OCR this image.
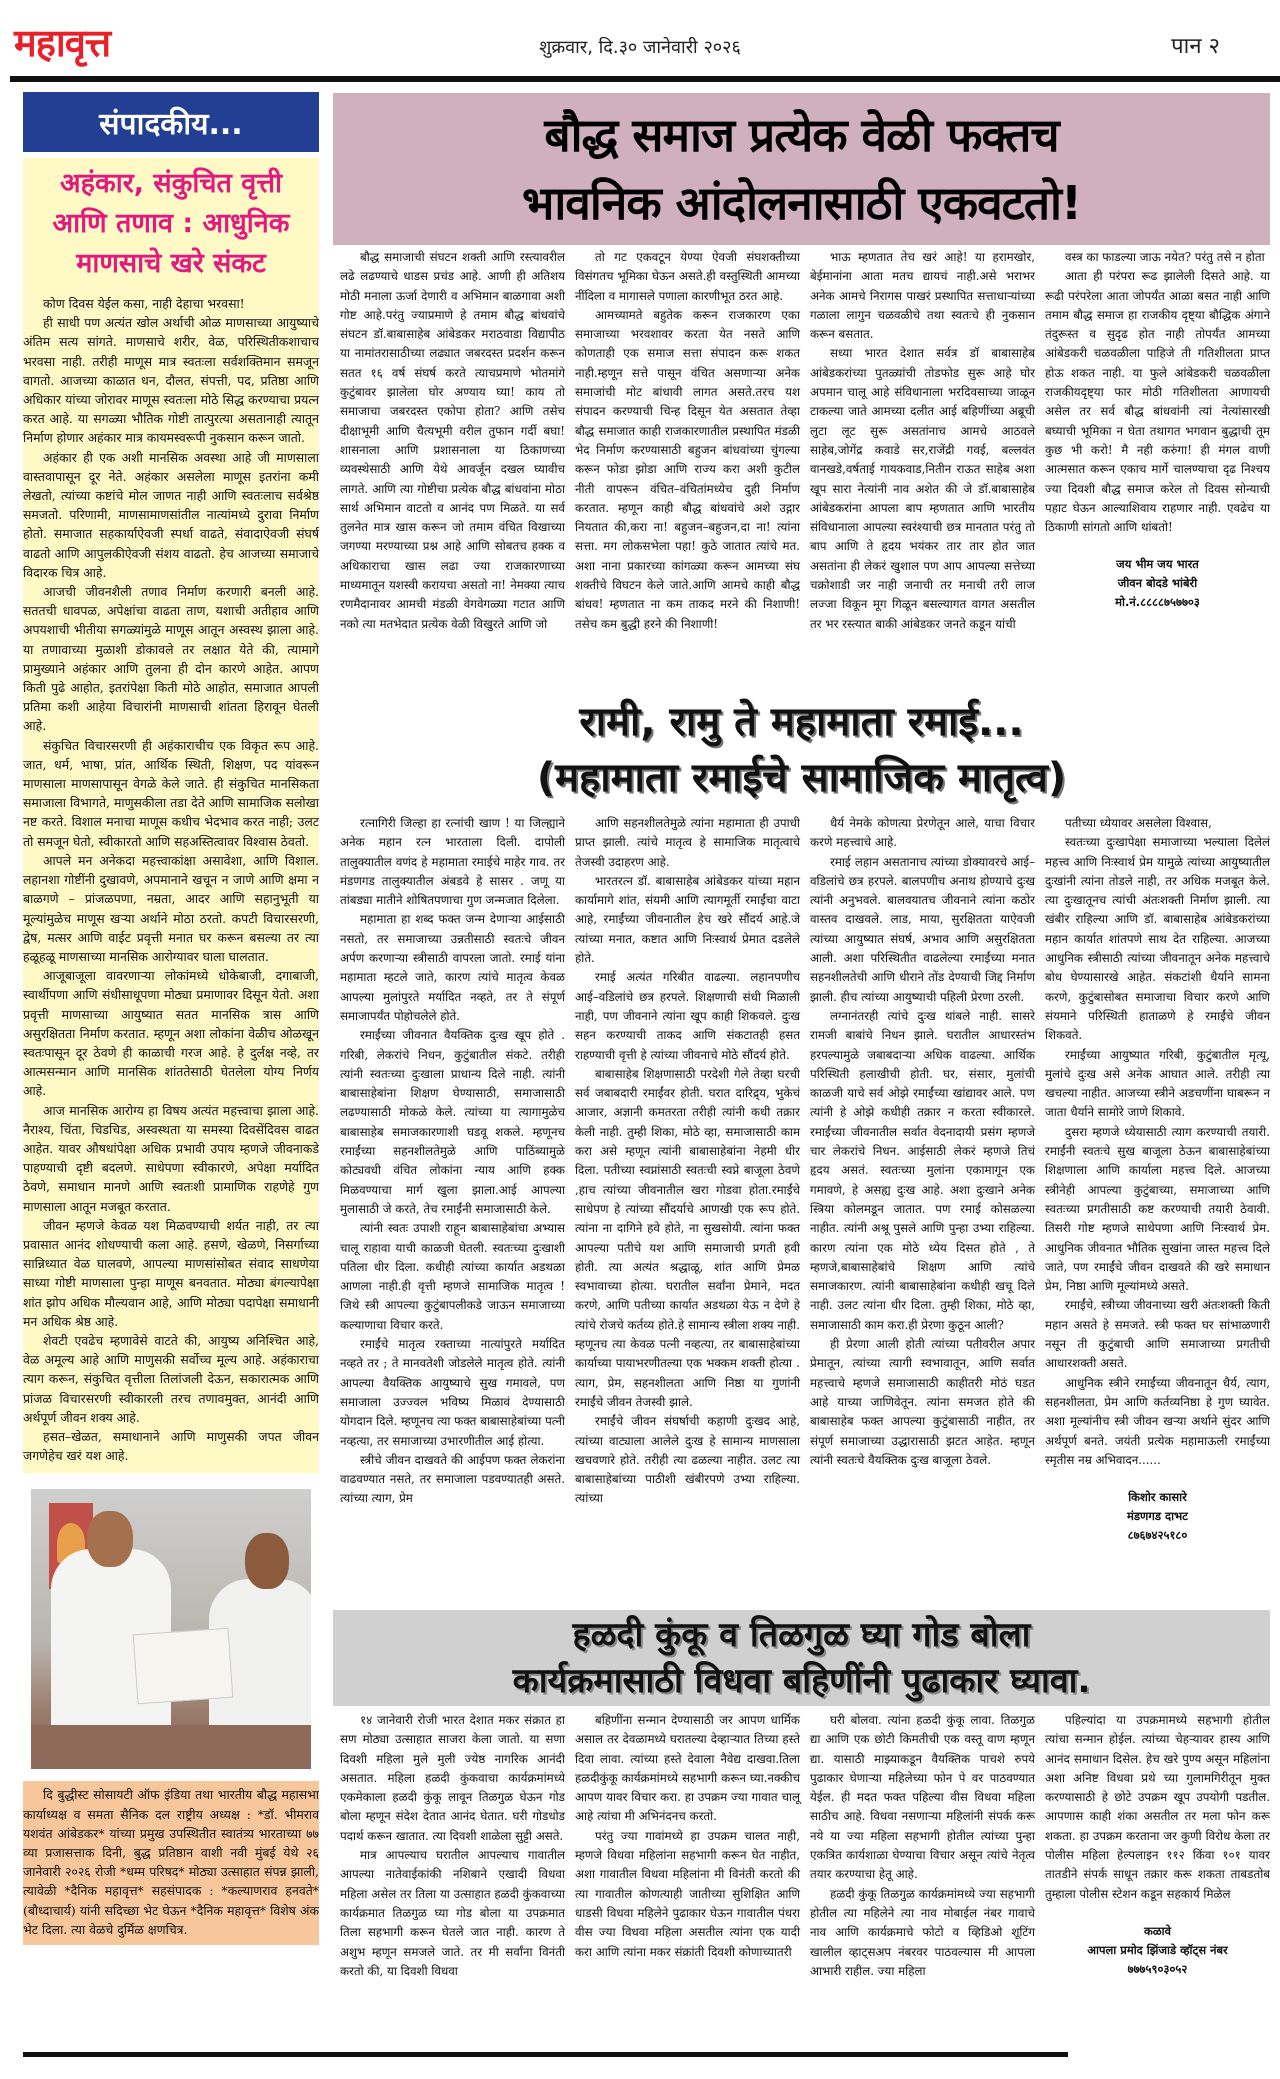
महावृत्त	शुक्रवार, दि.३० जानेवारी २०२६	पान २
संपादकीय...
अहंकार, संकुचित वृत्ती
आणि तणाव : आधुनिक
माणसाचे खरे संकट

कोण दिवस येईल कसा, नाही देहाचा भरवसा!

ही साधी पण अत्यंत खोल अर्थाची ओळ माणसाच्या आयुष्याचे अंतिम सत्य सांगते. माणसाचे शरीर, वेळ, परिस्थितीकशाचाच भरवसा नाही. तरीही माणूस मात्र स्वतःला सर्वशक्तिमान समजून वागतो. आजच्या काळात धन, दौलत, संपत्ती, पद, प्रतिष्ठा आणि अधिकार यांच्या जोरावर माणूस स्वतःला मोठे सिद्ध करण्याचा प्रयत्न करत आहे. या सगळ्या भौतिक गोष्टी तात्पुरत्या असतानाही त्यातून निर्माण होणार अहंकार मात्र कायमस्वरूपी नुकसान करून जातो.

अहंकार ही एक अशी मानसिक अवस्था आहे जी माणसाला वास्तवापासून दूर नेते. अहंकार असलेला माणूस इतरांना कमी लेखतो, त्यांच्या कष्टांचे मोल जाणत नाही आणि स्वतःलाच सर्वश्रेष्ठ समजतो. परिणामी, माणसामाणसांतील नात्यांमध्ये दुरावा निर्माण होतो. समाजात सहकार्याऐवजी स्पर्धा वाढते, संवादाऐवजी संघर्ष वाढतो आणि आपुलकीऐवजी संशय वाढतो. हेच आजच्या समाजाचे विदारक चित्र आहे.

आजची जीवनशैली तणाव निर्माण करणारी बनली आहे. सततची धावपळ, अपेक्षांचा वाढता ताण, यशाची अतीहाव आणि अपयशाची भीतीया सगळ्यांमुळे माणूस आतून अस्वस्थ झाला आहे. या तणावाच्या मुळाशी डोकावले तर लक्षात येते की, त्यामागे प्रामुख्याने अहंकार आणि तुलना ही दोन कारणे आहेत. आपण किती पुढे आहोत, इतरांपेक्षा किती मोठे आहोत, समाजात आपली प्रतिमा कशी आहेया विचारांनी माणसाची शांतता हिरावून घेतली आहे.

संकुचित विचारसरणी ही अहंकाराचीच एक विकृत रूप आहे. जात, धर्म, भाषा, प्रांत, आर्थिक स्थिती, शिक्षण, पद यांवरून माणसाला माणसापासून वेगळे केले जाते. ही संकुचित मानसिकता समाजाला विभागते, माणुसकीला तडा देते आणि सामाजिक सलोखा नष्ट करते. विशाल मनाचा माणूस कधीच भेदभाव करत नाही; उलट तो समजून घेतो, स्वीकारतो आणि सहअस्तित्वावर विश्वास ठेवतो.

आपले मन अनेकदा महत्त्वाकांक्षा असावेशा, आणि विशाल. लहानशा गोष्टींनी दुखावणे, अपमानाने खचून न जाणे आणि क्षमा न बाळगणे – प्रांजळपणा, नम्रता, आदर आणि सहानुभूती या मूल्यांमुळेच माणूस खऱ्या अर्थाने मोठा ठरतो. कपटी विचारसरणी, द्वेष, मत्सर आणि वाईट प्रवृत्ती मनात घर करून बसल्या तर त्या हळूहळू माणसाच्या मानसिक आरोग्यावर घाला घालतात.

आजूबाजूला वावरणाऱ्या लोकांमध्ये धोकेबाजी, दगाबाजी, स्वार्थीपणा आणि संधीसाधूपणा मोठ्या प्रमाणावर दिसून येतो. अशा प्रवृत्ती माणसाच्या आयुष्यात सतत मानसिक त्रास आणि असुरक्षितता निर्माण करतात. म्हणून अशा लोकांना वेळीच ओळखून स्वतःपासून दूर ठेवणे ही काळाची गरज आहे. हे दुर्लक्ष नव्हे, तर आत्मसन्मान आणि मानसिक शांततेसाठी घेतलेला योग्य निर्णय आहे.

आज मानसिक आरोग्य हा विषय अत्यंत महत्त्वाचा झाला आहे. नैराश्य, चिंता, चिडचिड, अस्वस्थता या समस्या दिवसेंदिवस वाढत आहेत. यावर औषधांपेक्षा अधिक प्रभावी उपाय म्हणजे जीवनाकडे पाहण्याची दृष्टी बदलणे. साधेपणा स्वीकारणे, अपेक्षा मर्यादित ठेवणे, समाधान मानणे आणि स्वतःशी प्रामाणिक राहणेहे गुण माणसाला आतून मजबूत करतात.

जीवन म्हणजे केवळ यश मिळवण्याची शर्यत नाही, तर त्या प्रवासात आनंद शोधण्याची कला आहे. हसणे, खेळणे, निसर्गाच्या सान्निध्यात वेळ घालवणे, आपल्या माणसांसोबत संवाद साधणेया साध्या गोष्टी माणसाला पुन्हा माणूस बनवतात. मोठ्या बंगल्यापेक्षा शांत झोप अधिक मौल्यवान आहे, आणि मोठ्या पदापेक्षा समाधानी मन अधिक श्रेष्ठ आहे.

शेवटी एवढेच म्हणावेसे वाटते की, आयुष्य अनिश्चित आहे, वेळ अमूल्य आहे आणि माणुसकी सर्वोच्च मूल्य आहे. अहंकाराचा त्याग करून, संकुचित वृत्तीला तिलांजली देऊन, सकारात्मक आणि प्रांजळ विचारसरणी स्वीकारली तरच तणावमुक्त, आनंदी आणि अर्थपूर्ण जीवन शक्य आहे.

हसत–खेळत, समाधानाने आणि माणुसकी जपत जीवन जगणेहेच खरं यश आहे.

दि बुद्धीस्ट सोसायटी ऑफ इंडिया तथा भारतीय बौद्ध महासभा कार्याध्यक्ष व समता सैनिक दल राष्ट्रीय अध्यक्ष : *डॉ. भीमराव यशवंत आंबेडकर* यांच्या प्रमुख उपस्थितीत स्वातंत्र्य भारताच्या ७७ व्या प्रजासत्ताक दिनी, बुद्ध प्रतिष्ठान वाशी नवी मुंबई येथे २६ जानेवारी २०२६ रोजी *धम्म परिषद* मोठ्या उत्साहात संपन्न झाली, त्यावेळी *दैनिक महावृत्त* सहसंपादक : *कल्याणराव हनवते* (बौध्दाचार्य) यांनी सदिच्छा भेट घेऊन *दैनिक महावृत्त* विशेष अंक भेट दिला. त्या वेळचे दुर्मिळ क्षणचित्र.

बौद्ध समाज प्रत्येक वेळी फक्तच
भावनिक आंदोलनासाठी एकवटतो!

बौद्ध समाजाची संघटन शक्ती आणि रस्त्यावरील लढे लढण्याचे धाडस प्रचंड आहे. आणी ही अतिशय मोठी मनाला ऊर्जा देणारी व अभिमान बाळगावा अशी गोष्ट आहे.परंतु ज्याप्रमाणे हे तमाम बौद्ध बांधवांचे संघटन डॉ.बाबासाहेब आंबेडकर मराठवाडा विद्यापीठ या नामांतरासाठीच्या लढ्यात जबरदस्त प्रदर्शन करून सतत १६ वर्ष संघर्ष करते त्याचप्रमाणे भोतमांगे कुटुंबावर झालेला घोर अण्याय घ्या! काय तो समाजाचा जबरदस्त एकोपा होता? आणि तसेच दीक्षाभूमी आणि चैत्यभूमी वरील तुफान गर्दी बघा! शासनाला आणि प्रशासनाला या ठिकाणच्या व्यवस्थेसाठी आणि येथे आवर्जून दखल घ्यावीच लागते. आणि त्या गोष्टीचा प्रत्येक बौद्ध बांधवांना मोठा सार्थ अभिमान वाटतो व आनंद पण मिळते. या सर्व तुलनेत मात्र खास करून जो तमाम वंचित विखाच्या जगण्या मरण्याच्या प्रश्न आहे आणि सोबतच हक्क व अधिकाराचा खास लढा ज्या राजकारणाच्या माध्यमातून यशस्वी करायचा असतो ना! नेमक्या त्याच रणमैदानावर आमची मंडळी वेगवेगळ्या गटात आणि नको त्या मतभेदात प्रत्येक वेळी विखुरते आणि जो

तो गट एकवटून येण्या ऐवजी संघशक्तीच्या विसंगतच भूमिका घेऊन असते.ही वस्तुस्थिती आमच्या नींदिला व मागासले पणाला कारणीभूत ठरत आहे.

आमच्यामते बहुतेक करून राजकारण एका समाजाच्या भरवशावर करता येत नसते आणि कोणताही एक समाज सत्ता संपादन करू शकत नाही.म्हणून सत्ते पासून वंचित असणाऱ्या अनेक समाजांची मोट बांधावी लागत असते.तरच यश संपादन करण्याची चिन्ह दिसून येत असतात तेव्हा बौद्ध समाजात काही राजकारणातील प्रस्थापित मंडळी भेद निर्माण करण्यासाठी बहुजन बांधवांच्या चुंगल्या करून फोडा झोडा आणि राज्य करा अशी कुटील नीती वापरून वंचित–वंचितांमध्येच दुही निर्माण करतात. म्हणून काही बौद्ध बांधवांचे अशे उद्गार नियतात की,करा ना! बहुजन–बहुजन,दा ना! त्यांना सत्ता. मग लोकसभेला पहा! कुठे जातात त्यांचे मत. अशा नाना प्रकारच्या कांगळ्या करून आमच्या संघ शक्तीचे विघटन केले जाते.आणि आमचे काही बौद्ध बांधव! म्हणतात ना कम ताकद मरने की निशाणी! तसेच कम बुद्धी हरने की निशाणी!

भाऊ म्हणतात तेच खरं आहे! या हरामखोर, बेईमानांना आता मतच द्यायचं नाही.असे भराभर अनेक आमचे निरागस पाखरं प्रस्थापित सत्ताधाऱ्यांच्या गळाला लागुन चळवळीचे तथा स्वतःचे ही नुकसान करून बसतात.

सध्या भारत देशात सर्वत्र डॉ बाबासाहेब आंबेडकरांच्या पुतळ्यांची तोडफोड सुरू आहे घोर अपमान चालू आहे संविधानाला भरदिवसाच्या जाळून टाकल्या जाते आमच्या दलीत आई बहिणींच्या अब्रूची लुटा लूट सुरू असतांनाच आमचे आठवले साहेब,जोगेंद्र कवाडे सर,राजेंद्री गवई, बल्लवंत वानखडे,वर्षताई गायकवाड,नितीन राऊत साहेब अशा खूप सारा नेत्यांनी नाव अशेत की जे डॉ.बाबासाहेब आंबेडकरांना आपला बाप म्हणतात आणि भारतीय संविधानाला आपल्या स्वरंश्याची छत्र मानतात परंतु तो बाप आणि ते हृदय भयंकर तार तार होत जात असतांना ही लेकरं खुशाल पण आप आपल्या सत्तेच्या चक्रोशाडी जर नाही जनाची तर मनाची तरी लाज लज्जा विकून मूग गिळून बसल्यागत वागत असतील तर भर रस्त्यात बाकी आंबेडकर जनते कडून यांची

वस्त्र का फाडल्या जाऊ नयेत? परंतु तसे न होता

आता ही परंपरा रूढ झालेली दिसते आहे. या रूढी परंपरेला आता जोपर्यंत आळा बसत नाही आणि तमाम बौद्ध समाज हा राजकीय दृष्ट्या बौद्धिक अंगाने तंदुरूस्त व सुदृढ होत नाही तोपर्यंत आमच्या आंबेडकरी चळवळीला पाहिजे ती गतिशीलता प्राप्त होऊ शकत नाही. या फुले आंबेडकरी चळवळीला राजकीयदृष्ट्या फार मोठी गतिशीलता आणायची असेल तर सर्व बौद्ध बांधवांनी त्यां नेत्यांसारखी बघ्याची भूमिका न घेता तथागत भगवान बुद्धाची तूम कुछ भी करो! मै नही करुंगा! ही मंगल वाणी आत्मसात करून एकाच मार्गे चालण्याचा दृढ निश्चय ज्या दिवशी बौद्ध समाज करेल तो दिवस सोन्याची पहाट घेऊन आल्याशिवाय राहणार नाही. एवढेच या ठिकाणी सांगतो आणि थांबतो!

जय भीम जय भारत
जीवन बोदडे भांबेरी
मो.नं.८८८८७५७७०३
रामी, रामु ते महामाता रमाई...
(महामाता रमाईचे सामाजिक मातृत्व)

रत्नागिरी जिल्हा हा रत्नांची खाण ! या जिल्ह्याने अनेक महान रत्न भारताला दिली. दापोली तालुक्यातील वणंद हे महामाता रमाईचे माहेर गाव. तर मंडणगड तालुक्यातील अंबडवे हे सासर . जणू या तांबड्या मातीने शोषितपणाचा गुण जन्मजात दिलेला.

महामाता हा शब्द फक्त जन्म देणाऱ्या आईसाठी नसतो, तर समाजाच्या उन्नतीसाठी स्वतःचे जीवन अर्पण करणाऱ्या स्त्रीसाठी वापरला जातो. रमाई यांना महामाता म्हटले जाते, कारण त्यांचे मातृत्व केवळ आपल्या मुलांपुरते मर्यादित नव्हते, तर ते संपूर्ण समाजापर्यंत पोहोचलेले होते.

रमाईंच्या जीवनात वैयक्तिक दुःख खूप होते . गरिबी, लेकरांचे निधन, कुटुंबातील संकटे. तरीही त्यांनी स्वतःच्या दुःखाला प्राधान्य दिले नाही. त्यांनी बाबासाहेबांना शिक्षण घेण्यासाठी, समाजासाठी लढण्यासाठी मोकळे केले. त्यांच्या या त्यागामुळेच बाबासाहेब समाजकारणाशी घडवू शकले. म्हणूनच रमाईंच्या सहनशीलतेमुळे आणि पाठिंब्यामुळे कोट्यवधी वंचित लोकांना न्याय आणि हक्क मिळवण्याचा मार्ग खुला झाला.आई आपल्या मुलासाठी जे करते, तेच रमाईंनी समाजासाठी केले.

त्यांनी स्वतः उपाशी राहून बाबासाहेबांचा अभ्यास चालू राहावा याची काळजी घेतली. स्वतःच्या दुःखाशी पतिला धीर दिला. कधीही त्यांच्या कार्यात अडथळा आणला नाही.ही वृत्ती म्हणजे सामाजिक मातृत्व ! जिथे स्त्री आपल्या कुटुंबापलीकडे जाऊन समाजाच्या कल्याणाचा विचार करते.

रमाईंचे मातृत्व रक्ताच्या नात्यांपुरते मर्यादित नव्हते तर ; ते मानवतेशी जोडलेले मातृत्व होते. त्यांनी आपल्या वैयक्तिक आयुष्याचे सुख गमावले, पण समाजाला उज्ज्वल भविष्य मिळावं देण्यासाठी योगदान दिले. म्हणूनच त्या फक्त बाबासाहेबांच्या पत्नी नव्हत्या, तर समाजाच्या उभारणीतील आई होत्या.

स्त्रीचे जीवन दाखवते की आईपण फक्त लेकरांना वाढवण्यात नसते, तर समाजाला पडवण्यातही असते. त्यांच्या त्याग, प्रेम

आणि सहनशीलतेमुळे त्यांना महामाता ही उपाधी प्राप्त झाली. त्यांचे मातृत्व हे सामाजिक मातृत्वाचे तेजस्वी उदाहरण आहे.

भारतरत्न डॉ. बाबासाहेब आंबेडकर यांच्या महान कार्यामागे शांत, संयमी आणि त्यागमूर्ती रमाईंचा वाटा आहे, रमाईंच्या जीवनातील हेच खरे सौंदर्य आहे.जे त्यांच्या मनात, कष्टात आणि निःस्वार्थ प्रेमात दडलेले होते.

रमाई अत्यंत गरिबीत वाढल्या. लहानपणीच आई–वडिलांचे छत्र हरपले. शिक्षणाची संधी मिळाली नाही, पण जीवनाने त्यांना खूप काही शिकवले. दुःख सहन करण्याची ताकद आणि संकटातही हसत राहण्याची वृत्ती हे त्यांच्या जीवनाचे मोठे सौंदर्य होते.

बाबासाहेब शिक्षणासाठी परदेशी गेले तेव्हा घरची सर्व जबाबदारी रमाईंवर होती. घरात दारिद्र्य, भुकेचं आजार, अज्ञानी कमतरता तरीही त्यांनी कधी तक्रार केली नाही. तुम्ही शिका, मोठे व्हा, समाजासाठी काम करा असे म्हणून त्यांनी बाबासाहेबांना नेहमी धीर दिला. पतीच्या स्वप्नांसाठी स्वतःची स्वप्ने बाजूला ठेवणे ,हाच त्यांच्या जीवनातील खरा गोडवा होता.रमाईंचे साधेपण हे त्यांच्या सौंदर्याचे आणखी एक रूप होते. त्यांना ना दागिने हवे होते, ना सुखसोयी. त्यांना फक्त आपल्या पतीचे यश आणि समाजाची प्रगती हवी होती. त्या अत्यंत श्रद्धाळू, शांत आणि प्रेमळ स्वभावाच्या होत्या. घरातील सर्वांना प्रेमाने, मदत करणे, आणि पतीच्या कार्यात अडथळा येऊ न देणे हे त्यांचे रोजचे कर्तव्य होते.हे सामान्य स्त्रीला शक्य नाही. म्हणूनच त्या केवळ पत्नी नव्हत्या, तर बाबासाहेबांच्या कार्याच्या पायाभरणीतल्या एक भक्कम शक्ती होत्या . त्याग, प्रेम, सहनशीलता आणि निष्ठा या गुणांनी रमाईंचे जीवन तेजस्वी झाले.

रमाईंचे जीवन संघर्षाची कहाणी दुःखद आहे, त्यांच्या वाट्याला आलेले दुःख हे सामान्य माणसाला खचवणारे होते. तरीही त्या ढळल्या नाहीत. उलट त्या बाबासाहेबांच्या पाठीशी खंबीरपणे उभ्या राहिल्या. त्यांच्या

धैर्य नेमके कोणत्या प्रेरणेतून आले, याचा विचार करणे महत्त्वाचे आहे.

रमाई लहान असतानाच त्यांच्या डोक्यावरचे आई–वडिलांचे छत्र हरपले. बालपणीच अनाथ होण्याचे दुःख त्यांनी अनुभवले. बालवयातच जीवनाने त्यांना कठोर वास्तव दाखवले. लाड, माया, सुरक्षितता याऐवजी त्यांच्या आयुष्यात संघर्ष, अभाव आणि असुरक्षितता आली. अशा परिस्थितीत वाढलेल्या रमाईंच्या मनात सहनशीलतेची आणि धीराने तोंड देण्याची जिद्द निर्माण झाली. हीच त्यांच्या आयुष्याची पहिली प्रेरणा ठरली.

लग्नानंतरही त्यांचे दुःख थांबले नाही. सासरे रामजी बाबांचे निधन झाले. घरातील आधारस्तंभ हरपल्यामुळे जबाबदाऱ्या अधिक वाढल्या. आर्थिक परिस्थिती हलाखीची होती. घर, संसार, मुलांची काळजी याचे सर्व ओझे रमाईंच्या खांद्यावर आले. पण त्यांनी हे ओझे कधीही तक्रार न करता स्वीकारले. रमाईंच्या जीवनातील सर्वात वेदनादायी प्रसंग म्हणजे चार लेकरांचे निधन. आईसाठी लेकरं म्हणजे तिचं हृदय असतं. स्वतःच्या मुलांना एकामागून एक गमावणे, हे असह्य दुःख आहे. अशा दुःखाने अनेक स्त्रिया कोलमडून जातात. पण रमाई कोसळल्या नाहीत. त्यांनी अश्रू पुसले आणि पुन्हा उभ्या राहिल्या. कारण त्यांना एक मोठे ध्येय दिसत होते , ते म्हणजे,बाबासाहेबांचे शिक्षण आणि त्यांचे समाजकारण. त्यांनी बाबासाहेबांना कधीही खचू दिले नाही. उलट त्यांना धीर दिला. तुम्ही शिका, मोठे व्हा, समाजासाठी काम करा.ही प्रेरणा कुठून आली?

ही प्रेरणा आली होती त्यांच्या पतीवरील अपार प्रेमातून, त्यांच्या त्यागी स्वभावातून, आणि सर्वात महत्त्वाचे म्हणजे समाजासाठी काहीतरी मोठं घडत आहे याच्या जाणिवेतून. त्यांना समजत होते की बाबासाहेब फक्त आपल्या कुटुंबासाठी नाहीत, तर संपूर्ण समाजाच्या उद्धारासाठी झटत आहेत. म्हणून त्यांनी स्वतःचे वैयक्तिक दुःख बाजूला ठेवले.

पतीच्या ध्येयावर असलेला विश्वास,

स्वतःच्या दुःखापेक्षा समाजाच्या भल्याला दिलेलं महत्त्व आणि निःस्वार्थ प्रेम यामुळे त्यांच्या आयुष्यातील दुःखांनी त्यांना तोडले नाही, तर अधिक मजबूत केले. त्या दुःखातूनच त्यांची अंतःशक्ती निर्माण झाली. त्या खंबीर राहिल्या आणि डॉ. बाबासाहेब आंबेडकरांच्या महान कार्यात शांतपणे साथ देत राहिल्या. आजच्या आधुनिक स्त्रीसाठी त्यांच्या जीवनातून अनेक महत्त्वाचे बोध घेण्यासारखे आहेत. संकटांशी धैर्याने सामना करणे, कुटुंबासोबत समाजाचा विचार करणे आणि संयमाने परिस्थिती हाताळणे हे रमाईंचे जीवन शिकवते.

रमाईंच्या आयुष्यात गरिबी, कुटुंबातील मृत्यू, मुलांचे दुःख असे अनेक आघात आले. तरीही त्या खचल्या नाहीत. आजच्या स्त्रीने अडचणींना घाबरून न जाता धैर्याने सामोरे जाणे शिकावे.

दुसरा म्हणजे ध्येयासाठी त्याग करण्याची तयारी. रमाईंनी स्वतःचे सुख बाजूला ठेऊन बाबासाहेबांच्या शिक्षणाला आणि कार्याला महत्त्व दिले. आजच्या स्त्रीनेही आपल्या कुटुंबाच्या, समाजाच्या आणि स्वतःच्या प्रगतीसाठी कष्ट करण्याची तयारी ठेवावी. तिसरी गोष्ट म्हणजे साधेपणा आणि निःस्वार्थ प्रेम. आधुनिक जीवनात भौतिक सुखांना जास्त महत्त्व दिले जाते, पण रमाईंचे जीवन दाखवते की खरे समाधान प्रेम, निष्ठा आणि मूल्यांमध्ये असते.

रमाईंचे, स्त्रीच्या जीवनाच्या खरी अंतःशक्ती किती महान असते हे समजते. स्त्री फक्त घर सांभाळणारी नसून ती कुटुंबाची आणि समाजाच्या प्रगतीची आधारशक्ती असते.

आधुनिक स्त्रीने रमाईंच्या जीवनातून धैर्य, त्याग, सहनशीलता, प्रेम आणि कर्तव्यनिष्ठा हे गुण घ्यावेत. अशा मूल्यांनीच स्त्री जीवन खऱ्या अर्थाने सुंदर आणि अर्थपूर्ण बनते. जयंती प्रत्येक महामाऊली रमाईंच्या स्मृतीस नम्र अभिवादन......

किशोर कासारे
मंडणगड दाभट
८७६७४२५१८०
हळदी कुंकू व तिळगुळ घ्या गोड बोला
कार्यक्रमासाठी विधवा बहिणींनी पुढाकार घ्यावा.

१४ जानेवारी रोजी भारत देशात मकर संक्रात हा सण मोठ्या उत्साहात साजरा केला जातो. या सणा दिवशी महिला मुले मुली ज्येष्ठ नागरिक आनंदी असतात. महिला हळदी कुंकवाचा कार्यक्रमांमध्ये एकमेकाला हळदी कुंकू लावून तिळगुळ घेऊन गोड बोला म्हणून संदेश देतात आनंद घेतात. घरी गोडधोड पदार्थ करून खातात. त्या दिवशी शाळेला सुट्टी असते.

मात्र आपल्याच घरातील आपल्याच गावातील आपल्या नातेवाईकांकी नशिबाने एखादी विधवा महिला असेल तर तिला या उत्साहात हळदी कुंकवाच्या कार्यक्रमात तिळगुळ घ्या गोड बोला या उपक्रमात तिला सहभागी करून घेतले जात नाही. कारण ते अशुभ म्हणून समजले जाते. तर मी सर्वांना विनंती करतो की, या दिवशी विधवा

बहिणींना सन्मान देण्यासाठी जर आपण धार्मिक असाल तर देवळामध्ये घरातल्या देव्हाऱ्यात तिच्या हस्ते दिवा लावा. त्यांच्या हस्ते देवाला नैवेद्य दाखवा.तिला हळदीकुंकू कार्यक्रमांमध्ये सहभागी करून घ्या.नक्कीच आपण यावर विचार करा. हा उपक्रम ज्या गावात चालू आहे त्यांचा मी अभिनंदनच करतो.

परंतु ज्या गावांमध्ये हा उपक्रम चालत नाही, म्हणजे विधवा महिलांना सहभागी करून घेत नाहीत, अशा गावातील विधवा महिलांना मी विनंती करतो की त्या गावातील कोणत्याही जातीच्या सुशिक्षित आणि धाडसी विधवा महिलेने पुढाकार घेऊन गावातील पंधरा वीस ज्या विधवा महिला असतील त्यांना एक यादी करा आणि त्यांना मकर संक्रांती दिवशी कोणाच्यातरी

घरी बोलवा. त्यांना हळदी कुंकू लावा. तिळगुळ द्या आणि एक छोटी किमतीची एक वस्तू वाण म्हणून द्या. यासाठी माझ्याकडून वैयक्तिक पाचशे रुपये पुढाकार घेणाऱ्या महिलेच्या फोन पे वर पाठवण्यात येईल. ही मदत फक्त पहिल्या वीस विधवा महिला साठीच आहे. विधवा नसणाऱ्या महिलांनी संपर्क करू नये या ज्या महिला सहभागी होतील त्यांच्या पुन्हा एकत्रित कार्यशाळा घेण्याचा विचार असून त्यांचे नेतृत्व तयार करण्याचा हेतू आहे.

हळदी कुंकू तिळगुळ कार्यक्रमांमध्ये ज्या सहभागी होतील त्या महिलेने त्या नाव मोबाईल नंबर गावाचे नाव आणि कार्यक्रमाचे फोटो व व्हिडिओ शूटिंग खालील व्हाट्सअप नंबरवर पाठवल्यास मी आपला आभारी राहील. ज्या महिला

पहिल्यांदा या उपक्रमामध्ये सहभागी होतील त्यांचा सन्मान होईल. त्यांच्या चेहऱ्यावर हास्य आणि आनंद समाधान दिसेल. हेच खरे पुण्य असून महिलांना अशा अनिष्ट विधवा प्रथे च्या गुलामगिरीतून मुक्त करण्यासाठी हे छोटे उपक्रम खूप उपयोगी पडतील. आपणास काही शंका असतील तर मला फोन करू शकता. हा उपक्रम करताना जर कुणी विरोध केला तर पोलीस महिला हेल्पलाइन ११२ किंवा १०१ यावर तातडीने संपर्क साधून तक्रार करू शकता ताबडतोब तुम्हाला पोलीस स्टेशन कडून सहकार्य मिळेल

कळावे
आपला प्रमोद झिंजाडे व्हॉट्स नंबर
७७७५९०३०५२
